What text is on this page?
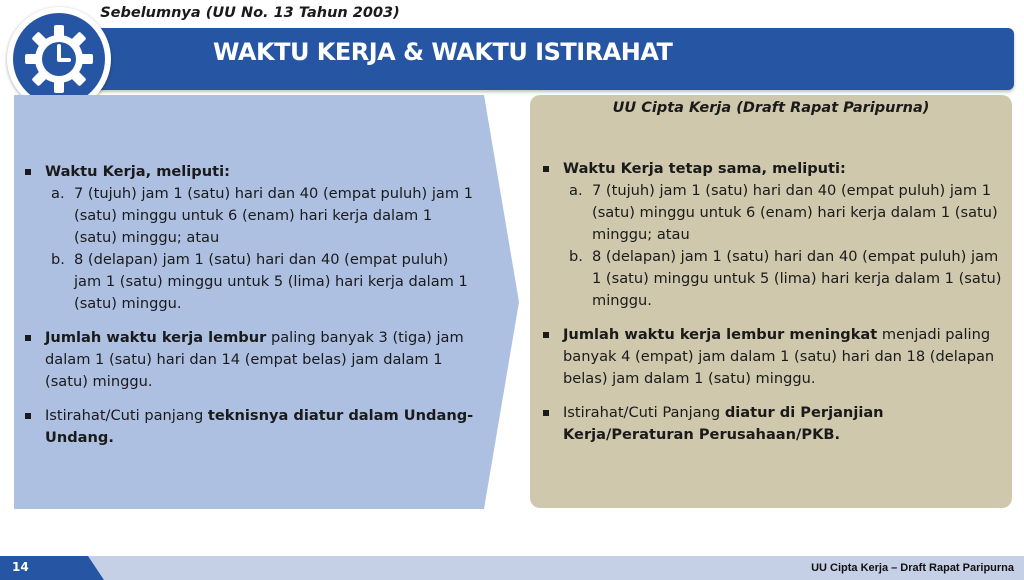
WAKTU KERJA & WAKTU ISTIRAHAT
Sebelumnya (UU No. 13 Tahun 2003)
Waktu Kerja, meliputi:
a. 7 (tujuh) jam 1 (satu) hari dan 40 (empat puluh) jam 1 (satu) minggu untuk 6 (enam) hari kerja dalam 1 (satu) minggu; atau
b. 8 (delapan) jam 1 (satu) hari dan 40 (empat puluh) jam 1 (satu) minggu untuk 5 (lima) hari kerja dalam 1 (satu) minggu.
Jumlah waktu kerja lembur paling banyak 3 (tiga) jam dalam 1 (satu) hari dan 14 (empat belas) jam dalam 1 (satu) minggu.
Istirahat/Cuti panjang teknisnya diatur dalam Undang-Undang.
UU Cipta Kerja (Draft Rapat Paripurna)
Waktu Kerja tetap sama, meliputi:
a. 7 (tujuh) jam 1 (satu) hari dan 40 (empat puluh) jam 1 (satu) minggu untuk 6 (enam) hari kerja dalam 1 (satu) minggu; atau
b. 8 (delapan) jam 1 (satu) hari dan 40 (empat puluh) jam 1 (satu) minggu untuk 5 (lima) hari kerja dalam 1 (satu) minggu.
Jumlah waktu kerja lembur meningkat menjadi paling banyak 4 (empat) jam dalam 1 (satu) hari dan 18 (delapan belas) jam dalam 1 (satu) minggu.
Istirahat/Cuti Panjang diatur di Perjanjian Kerja/Peraturan Perusahaan/PKB.
14	UU Cipta Kerja – Draft Rapat Paripurna
